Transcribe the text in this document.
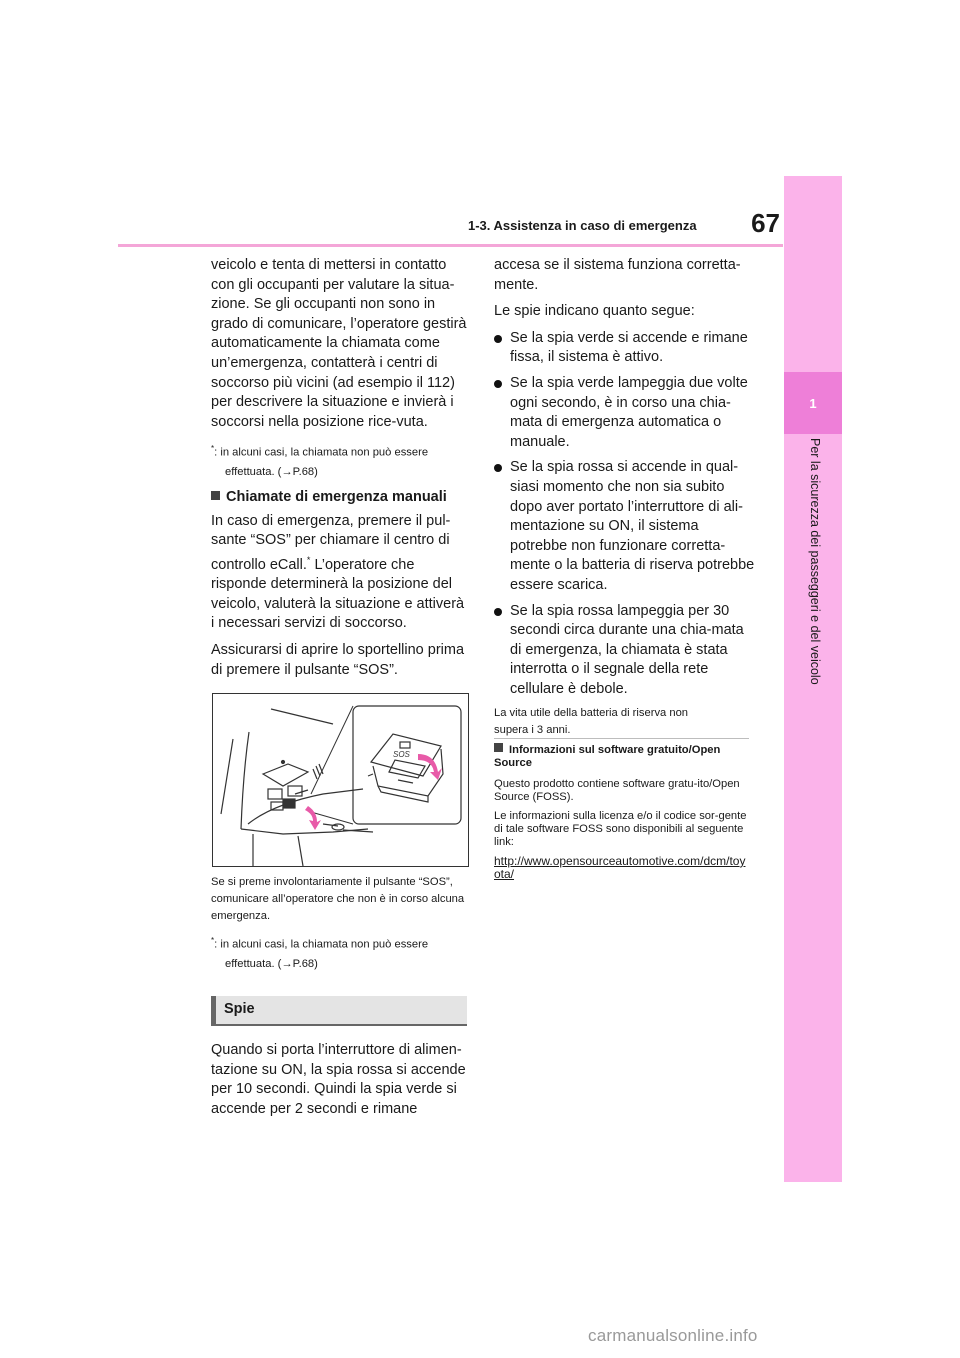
1-3. Assistenza in caso di emergenza	67
1
Per la sicurezza dei passeggeri e del veicolo

veicolo e tenta di mettersi in contatto con gli occupanti per valutare la situa-zione. Se gli occupanti non sono in grado di comunicare, l’operatore gestirà automaticamente la chiamata come un’emergenza, contatterà i centri di soccorso più vicini (ad esempio il 112) per descrivere la situazione e invierà i soccorsi nella posizione rice-vuta.

*: in alcuni casi, la chiamata non può essere
effettuata. (→P.68)
Chiamate di emergenza manuali

In caso di emergenza, premere il pul-sante “SOS” per chiamare il centro di controllo eCall.* L’operatore che risponde determinerà la posizione del veicolo, valuterà la situazione e attiverà i necessari servizi di soccorso.

Assicurarsi di aprire lo sportellino prima di premere il pulsante “SOS”.

SOS

Se si preme involontariamente il pulsante “SOS”, comunicare all’operatore che non è in corso alcuna emergenza.

*: in alcuni casi, la chiamata non può essere
effettuata. (→P.68)
Spie

Quando si porta l’interruttore di alimen-tazione su ON, la spia rossa si accende per 10 secondi. Quindi la spia verde si accende per 2 secondi e rimane

accesa se il sistema funziona corretta-mente.

Le spie indicano quanto segue:

Se la spia verde si accende e rimane fissa, il sistema è attivo.
Se la spia verde lampeggia due volte ogni secondo, è in corso una chia-mata di emergenza automatica o manuale.
Se la spia rossa si accende in qual-siasi momento che non sia subito dopo aver portato l’interruttore di ali-mentazione su ON, il sistema potrebbe non funzionare corretta-mente o la batteria di riserva potrebbe essere scarica.
Se la spia rossa lampeggia per 30 secondi circa durante una chia-mata di emergenza, la chiamata è stata interrotta o il segnale della rete cellulare è debole.

La vita utile della batteria di riserva non supera i 3 anni.

Informazioni sul software gratuito/Open Source

Questo prodotto contiene software gratu-ito/Open Source (FOSS).

Le informazioni sulla licenza e/o il codice sor-gente di tale software FOSS sono disponibili al seguente link:

http://www.opensourceautomotive.com/dcm/toyota/

carmanualsonline.info
